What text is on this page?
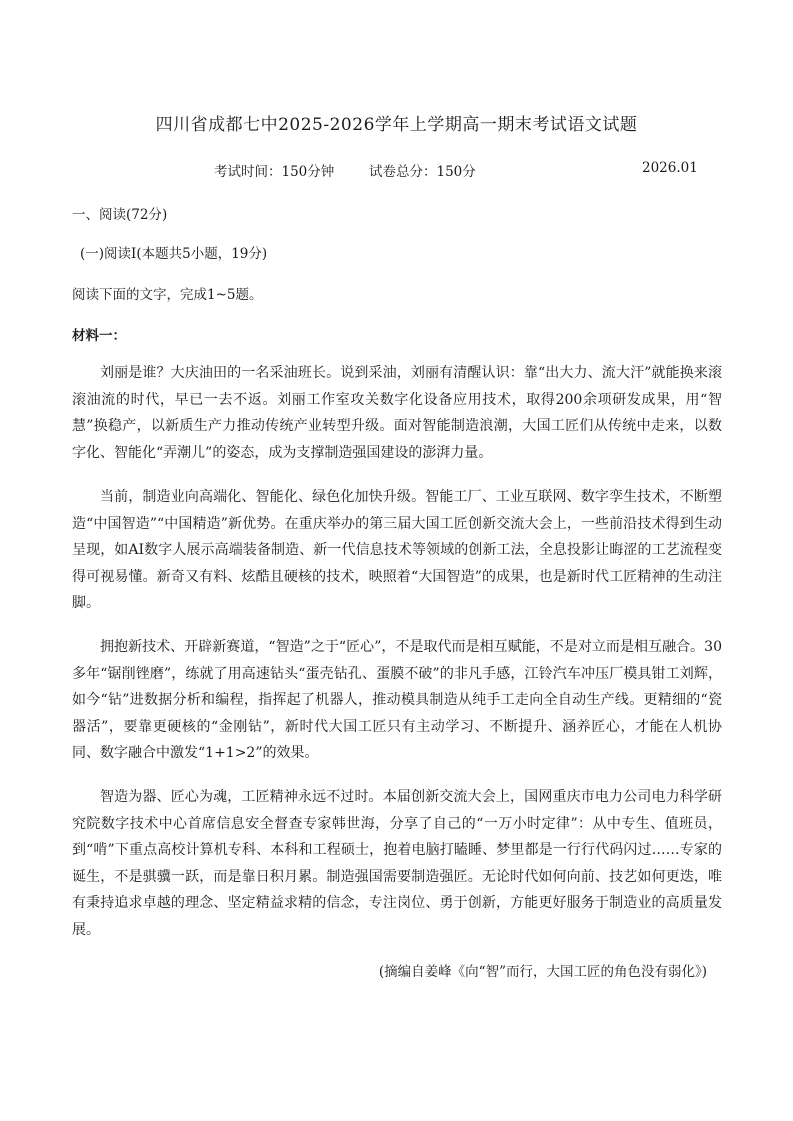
四川省成都七中2025-2026学年上学期高一期末考试语文试题
考试时间：150分钟	试卷总分：150分	2026.01
一、阅读(72分)
(一)阅读Ⅰ(本题共5小题，19分)
阅读下面的文字，完成1~5题。
材料一：

刘丽是谁？大庆油田的一名采油班长。说到采油，刘丽有清醒认识：靠“出大力、流大汗”就能换来滚滚油流的时代，早已一去不返。刘丽工作室攻关数字化设备应用技术，取得200余项研发成果，用“智慧”换稳产，以新质生产力推动传统产业转型升级。面对智能制造浪潮，大国工匠们从传统中走来，以数字化、智能化“弄潮儿”的姿态，成为支撑制造强国建设的澎湃力量。

当前，制造业向高端化、智能化、绿色化加快升级。智能工厂、工业互联网、数字孪生技术，不断塑造“中国智造”“中国精造”新优势。在重庆举办的第三届大国工匠创新交流大会上，一些前沿技术得到生动呈现，如AI数字人展示高端装备制造、新一代信息技术等领域的创新工法，全息投影让晦涩的工艺流程变得可视易懂。新奇又有料、炫酷且硬核的技术，映照着“大国智造”的成果，也是新时代工匠精神的生动注脚。

拥抱新技术、开辟新赛道，“智造”之于“匠心”，不是取代而是相互赋能，不是对立而是相互融合。30多年“锯削锉磨”，练就了用高速钻头“蛋壳钻孔、蛋膜不破”的非凡手感，江铃汽车冲压厂模具钳工刘辉，如今“钻”进数据分析和编程，指挥起了机器人，推动模具制造从纯手工走向全自动生产线。更精细的“瓷器活”，要靠更硬核的“金刚钻”，新时代大国工匠只有主动学习、不断提升、涵养匠心，才能在人机协同、数字融合中激发“1+1>2”的效果。

智造为器、匠心为魂，工匠精神永远不过时。本届创新交流大会上，国网重庆市电力公司电力科学研究院数字技术中心首席信息安全督查专家韩世海，分享了自己的“一万小时定律”：从中专生、值班员，到“啃”下重点高校计算机专科、本科和工程硕士，抱着电脑打瞌睡、梦里都是一行行代码闪过……专家的诞生，不是骐骥一跃，而是靠日积月累。制造强国需要制造强匠。无论时代如何向前、技艺如何更迭，唯有秉持追求卓越的理念、坚定精益求精的信念，专注岗位、勇于创新，方能更好服务于制造业的高质量发展。

(摘编自姜峰《向“智”而行，大国工匠的角色没有弱化》)
